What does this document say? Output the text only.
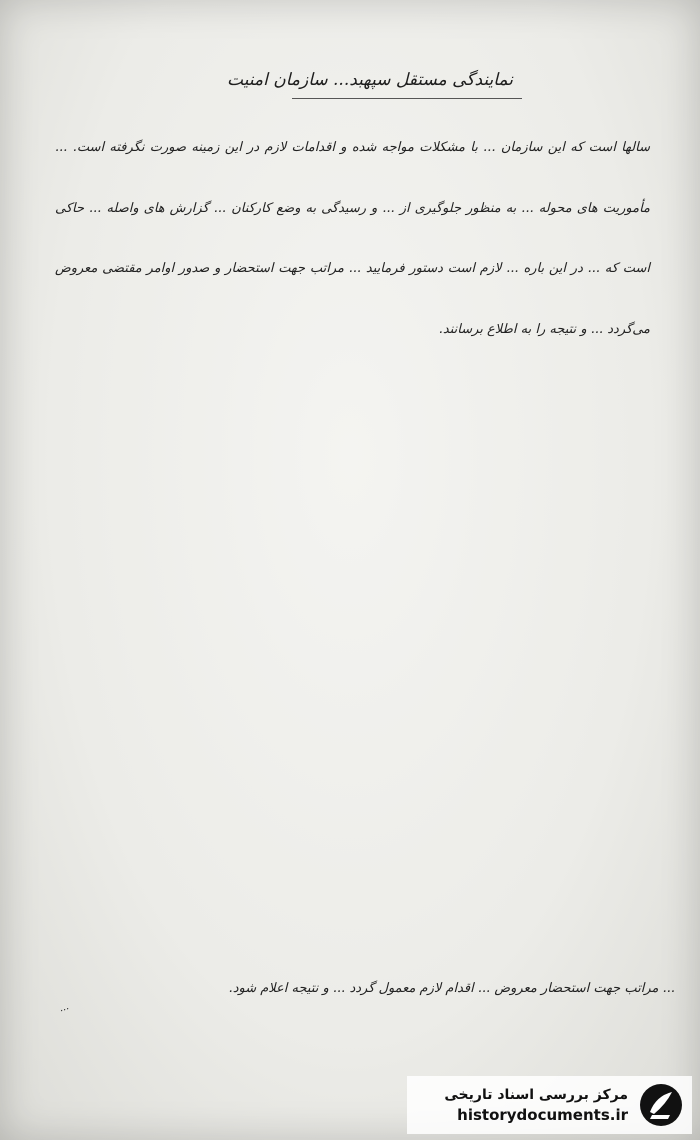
نمایندگی مستقل سپهبد... سازمان امنیت
سالها است که این سازمان ... با مشکلات مواجه شده و اقدامات لازم در این زمینه صورت نگرفته است. ... مأموریت های محوله ... به منظور جلوگیری از ... و رسیدگی به وضع کارکنان ... گزارش های واصله ... حاکی است که ... در این باره ... لازم است دستور فرمایید ... مراتب جهت استحضار و صدور اوامر مقتضی معروض می‌گردد ... و نتیجه را به اطلاع برسانند.
... مراتب جهت استحضار معروض ... اقدام لازم معمول گردد ... و نتیجه اعلام شود.
...
مرکز بررسی اسناد تاریخی
historydocuments.ir
